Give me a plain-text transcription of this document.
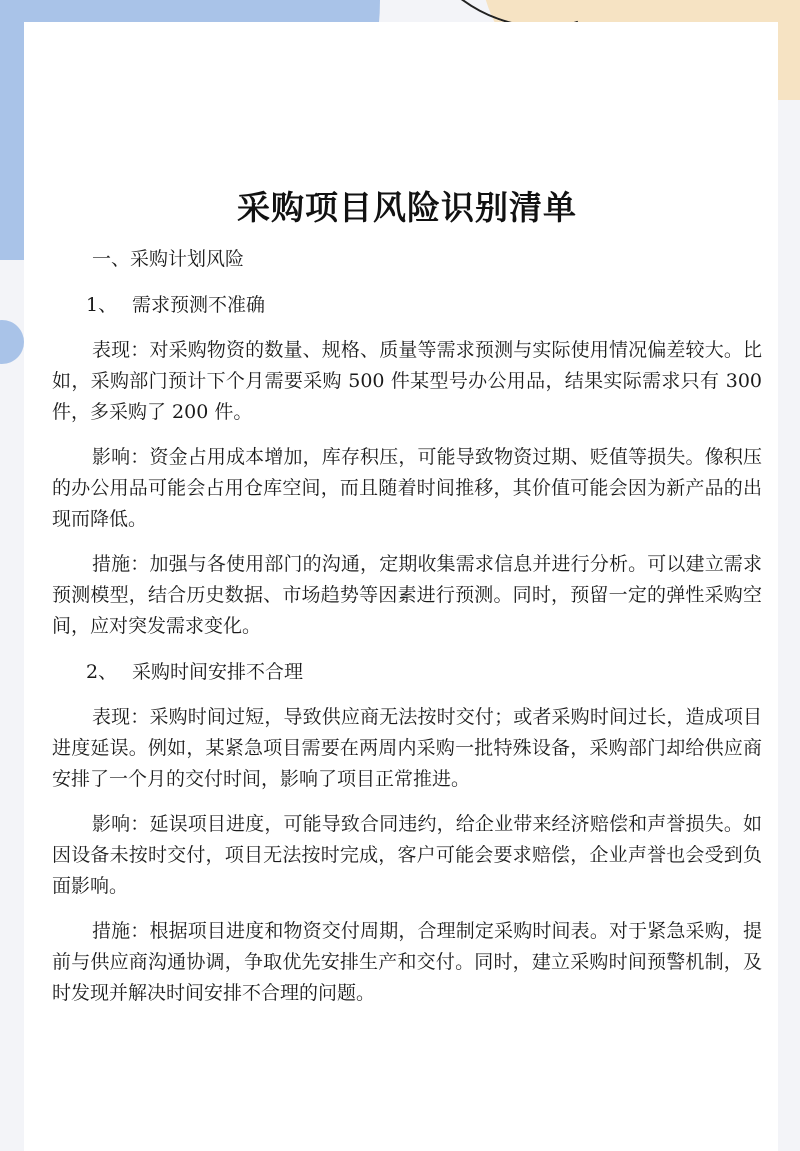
采购项目风险识别清单
一、采购计划风险
1、 需求预测不准确

表现：对采购物资的数量、规格、质量等需求预测与实际使用情况偏差较大。比如，采购部门预计下个月需要采购 500 件某型号办公用品，结果实际需求只有 300 件，多采购了 200 件。

影响：资金占用成本增加，库存积压，可能导致物资过期、贬值等损失。像积压的办公用品可能会占用仓库空间，而且随着时间推移，其价值可能会因为新产品的出现而降低。

措施：加强与各使用部门的沟通，定期收集需求信息并进行分析。可以建立需求预测模型，结合历史数据、市场趋势等因素进行预测。同时，预留一定的弹性采购空间，应对突发需求变化。

2、 采购时间安排不合理

表现：采购时间过短，导致供应商无法按时交付；或者采购时间过长，造成项目进度延误。例如，某紧急项目需要在两周内采购一批特殊设备，采购部门却给供应商安排了一个月的交付时间，影响了项目正常推进。

影响：延误项目进度，可能导致合同违约，给企业带来经济赔偿和声誉损失。如因设备未按时交付，项目无法按时完成，客户可能会要求赔偿，企业声誉也会受到负面影响。

措施：根据项目进度和物资交付周期，合理制定采购时间表。对于紧急采购，提前与供应商沟通协调，争取优先安排生产和交付。同时，建立采购时间预警机制，及时发现并解决时间安排不合理的问题。
